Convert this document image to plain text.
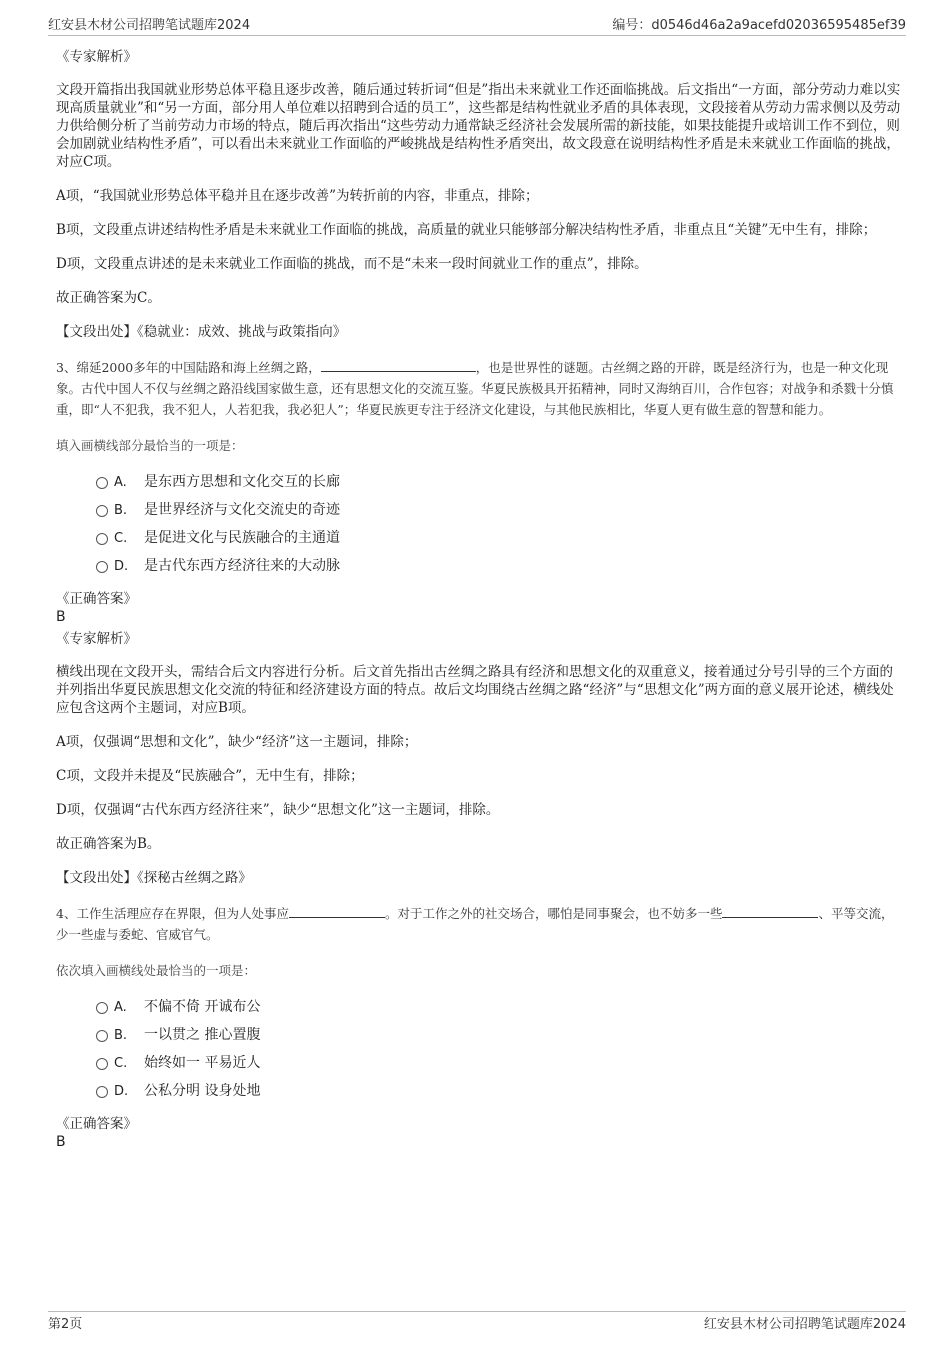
红安县木材公司招聘笔试题库2024	编号：d0546d46a2a9acefd02036595485ef39

《专家解析》

文段开篇指出我国就业形势总体平稳且逐步改善，随后通过转折词“但是”指出未来就业工作还面临挑战。后文指出“一方面，部分劳动力难以实现高质量就业”和“另一方面，部分用人单位难以招聘到合适的员工”，这些都是结构性就业矛盾的具体表现，文段接着从劳动力需求侧以及劳动力供给侧分析了当前劳动力市场的特点，随后再次指出“这些劳动力通常缺乏经济社会发展所需的新技能，如果技能提升或培训工作不到位，则会加剧就业结构性矛盾”，可以看出未来就业工作面临的严峻挑战是结构性矛盾突出，故文段意在说明结构性矛盾是未来就业工作面临的挑战，对应C项。

A项，“我国就业形势总体平稳并且在逐步改善”为转折前的内容，非重点，排除；

B项，文段重点讲述结构性矛盾是未来就业工作面临的挑战，高质量的就业只能够部分解决结构性矛盾，非重点且“关键”无中生有，排除；

D项，文段重点讲述的是未来就业工作面临的挑战，而不是“未来一段时间就业工作的重点”，排除。

故正确答案为C。

【文段出处】《稳就业：成效、挑战与政策指向》

3、绵延2000多年的中国陆路和海上丝绸之路，	，也是世界性的谜题。古丝绸之路的开辟，既是经济行为，也是一种文化现象。古代中国人不仅与丝绸之路沿线国家做生意，还有思想文化的交流互鉴。华夏民族极具开拓精神，同时又海纳百川，合作包容；对战争和杀戮十分慎重，即“人不犯我，我不犯人，人若犯我，我必犯人”；华夏民族更专注于经济文化建设，与其他民族相比，华夏人更有做生意的智慧和能力。

填入画横线部分最恰当的一项是：

A. 是东西方思想和文化交互的长廊
B. 是世界经济与文化交流史的奇迹
C. 是促进文化与民族融合的主通道
D. 是古代东西方经济往来的大动脉

《正确答案》

B

《专家解析》

横线出现在文段开头，需结合后文内容进行分析。后文首先指出古丝绸之路具有经济和思想文化的双重意义，接着通过分号引导的三个方面的并列指出华夏民族思想文化交流的特征和经济建设方面的特点。故后文均围绕古丝绸之路“经济”与“思想文化”两方面的意义展开论述，横线处应包含这两个主题词，对应B项。

A项，仅强调“思想和文化”，缺少“经济”这一主题词，排除；

C项，文段并未提及“民族融合”，无中生有，排除；

D项，仅强调“古代东西方经济往来”，缺少“思想文化”这一主题词，排除。

故正确答案为B。

【文段出处】《探秘古丝绸之路》

4、工作生活理应存在界限，但为人处事应	。对于工作之外的社交场合，哪怕是同事聚会，也不妨多一些	、平等交流，少一些虚与委蛇、官威官气。

依次填入画横线处最恰当的一项是：

A. 不偏不倚 开诚布公
B. 一以贯之 推心置腹
C. 始终如一 平易近人
D. 公私分明 设身处地

《正确答案》

B

第2页	红安县木材公司招聘笔试题库2024
